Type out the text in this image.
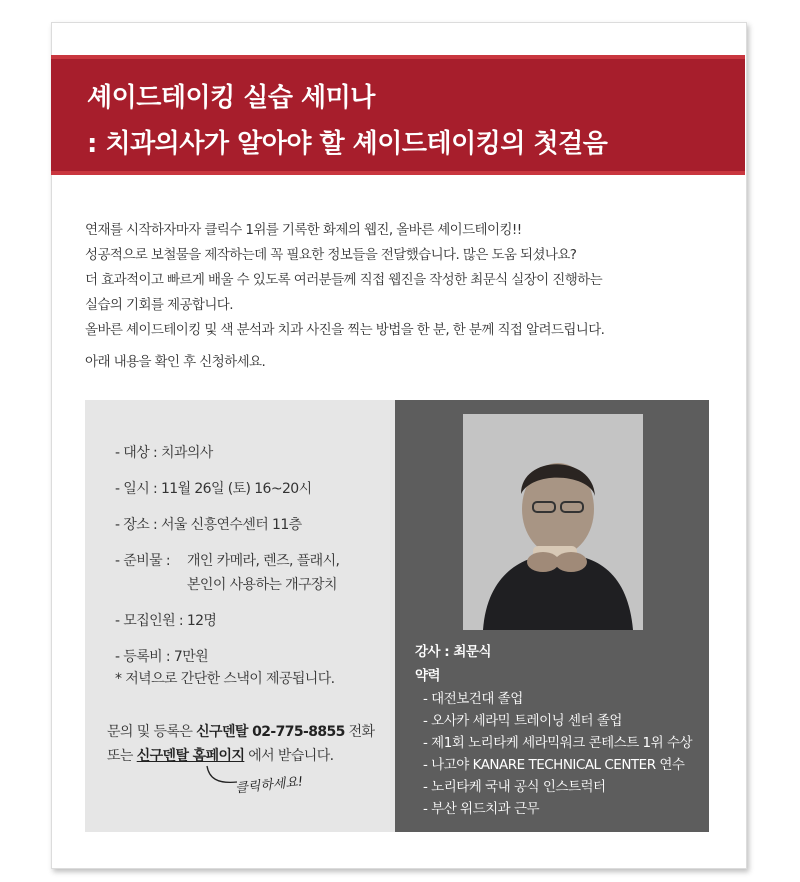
셰이드테이킹 실습 세미나
: 치과의사가 알아야 할 셰이드테이킹의 첫걸음

연재를 시작하자마자 클릭수 1위를 기록한 화제의 웹진, 올바른 셰이드테이킹!!

성공적으로 보철물을 제작하는데 꼭 필요한 정보들을 전달했습니다. 많은 도움 되셨나요?

더 효과적이고 빠르게 배울 수 있도록 여러분들께 직접 웹진을 작성한 최문식 실장이 진행하는

실습의 기회를 제공합니다.

올바른 셰이드테이킹 및 색 분석과 치과 사진을 찍는 방법을 한 분, 한 분께 직접 알려드립니다.

아래 내용을 확인 후 신청하세요.

- 대상 : 치과의사
- 일시 : 11월 26일 (토) 16~20시
- 장소 : 서울 신흥연수센터 11층
- 준비물 : 개인 카메라, 렌즈, 플래시,
본인이 사용하는 개구장치
- 모집인원 : 12명
- 등록비 : 7만원
* 저녁으로 간단한 스낵이 제공됩니다.

문의 및 등록은 신구덴탈 02-775-8855 전화

또는 신구덴탈 홈페이지 에서 받습니다.

클릭하세요!
강사 : 최문식
약력
- 대전보건대 졸업
- 오사카 세라믹 트레이닝 센터 졸업
- 제1회 노리타케 세라믹워크 콘테스트 1위 수상
- 나고야 KANARE TECHNICAL CENTER 연수
- 노리타케 국내 공식 인스트럭터
- 부산 위드치과 근무
